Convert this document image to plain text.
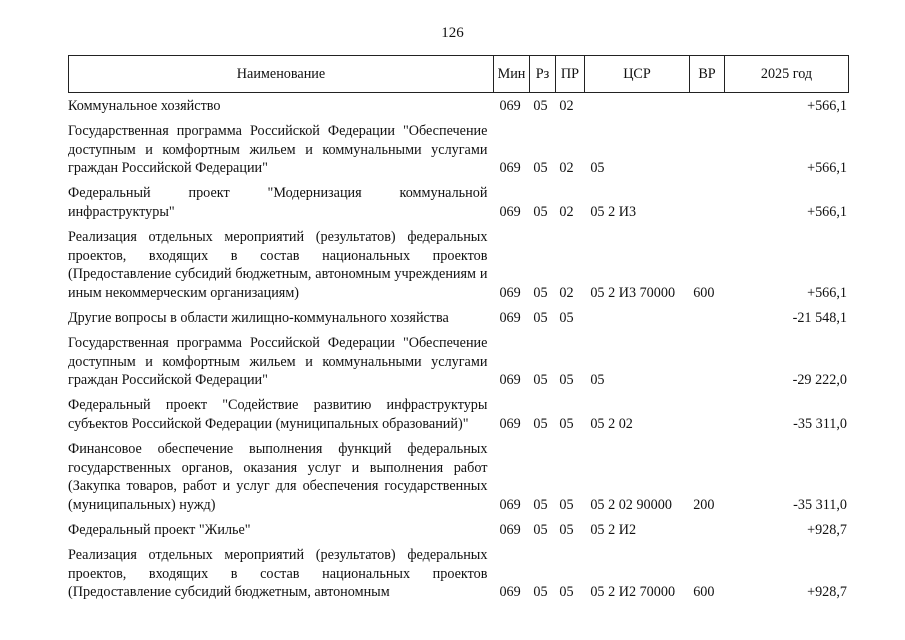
126
Наименование	Мин Рз ПР	ЦСР	ВР	2025 год
Коммунальное хозяйство	069 05 02	+566,1
Государственная программа Российской Федерации "Обеспечение доступным и комфортным жильем и коммунальными услугами граждан Российской Федерации"	069 05 02	05	+566,1
Федеральный проект "Модернизация коммунальной инфраструктуры"	069 05 02	05 2 И3	+566,1
Реализация отдельных мероприятий (результатов) федеральных проектов, входящих в состав национальных проектов (Предоставление субсидий бюджетным, автономным учреждениям и иным некоммерческим организациям)	069 05 02	05 2 И3 70000	600	+566,1
Другие вопросы в области жилищно-коммунального хозяйства	069 05 05	-21 548,1
Государственная программа Российской Федерации "Обеспечение доступным и комфортным жильем и коммунальными услугами граждан Российской Федерации"	069 05 05	05	-29 222,0
Федеральный проект "Содействие развитию инфраструктуры субъектов Российской Федерации (муниципальных образований)"	069 05 05	05 2 02	-35 311,0
Финансовое обеспечение выполнения функций федеральных государственных органов, оказания услуг и выполнения работ (Закупка товаров, работ и услуг для обеспечения государственных (муниципальных) нужд)	069 05 05	05 2 02 90000	200	-35 311,0
Федеральный проект "Жилье"	069 05 05	05 2 И2	+928,7
Реализация отдельных мероприятий (результатов) федеральных проектов, входящих в состав национальных проектов (Предоставление субсидий бюджетным, автономным	069 05 05	05 2 И2 70000	600	+928,7
